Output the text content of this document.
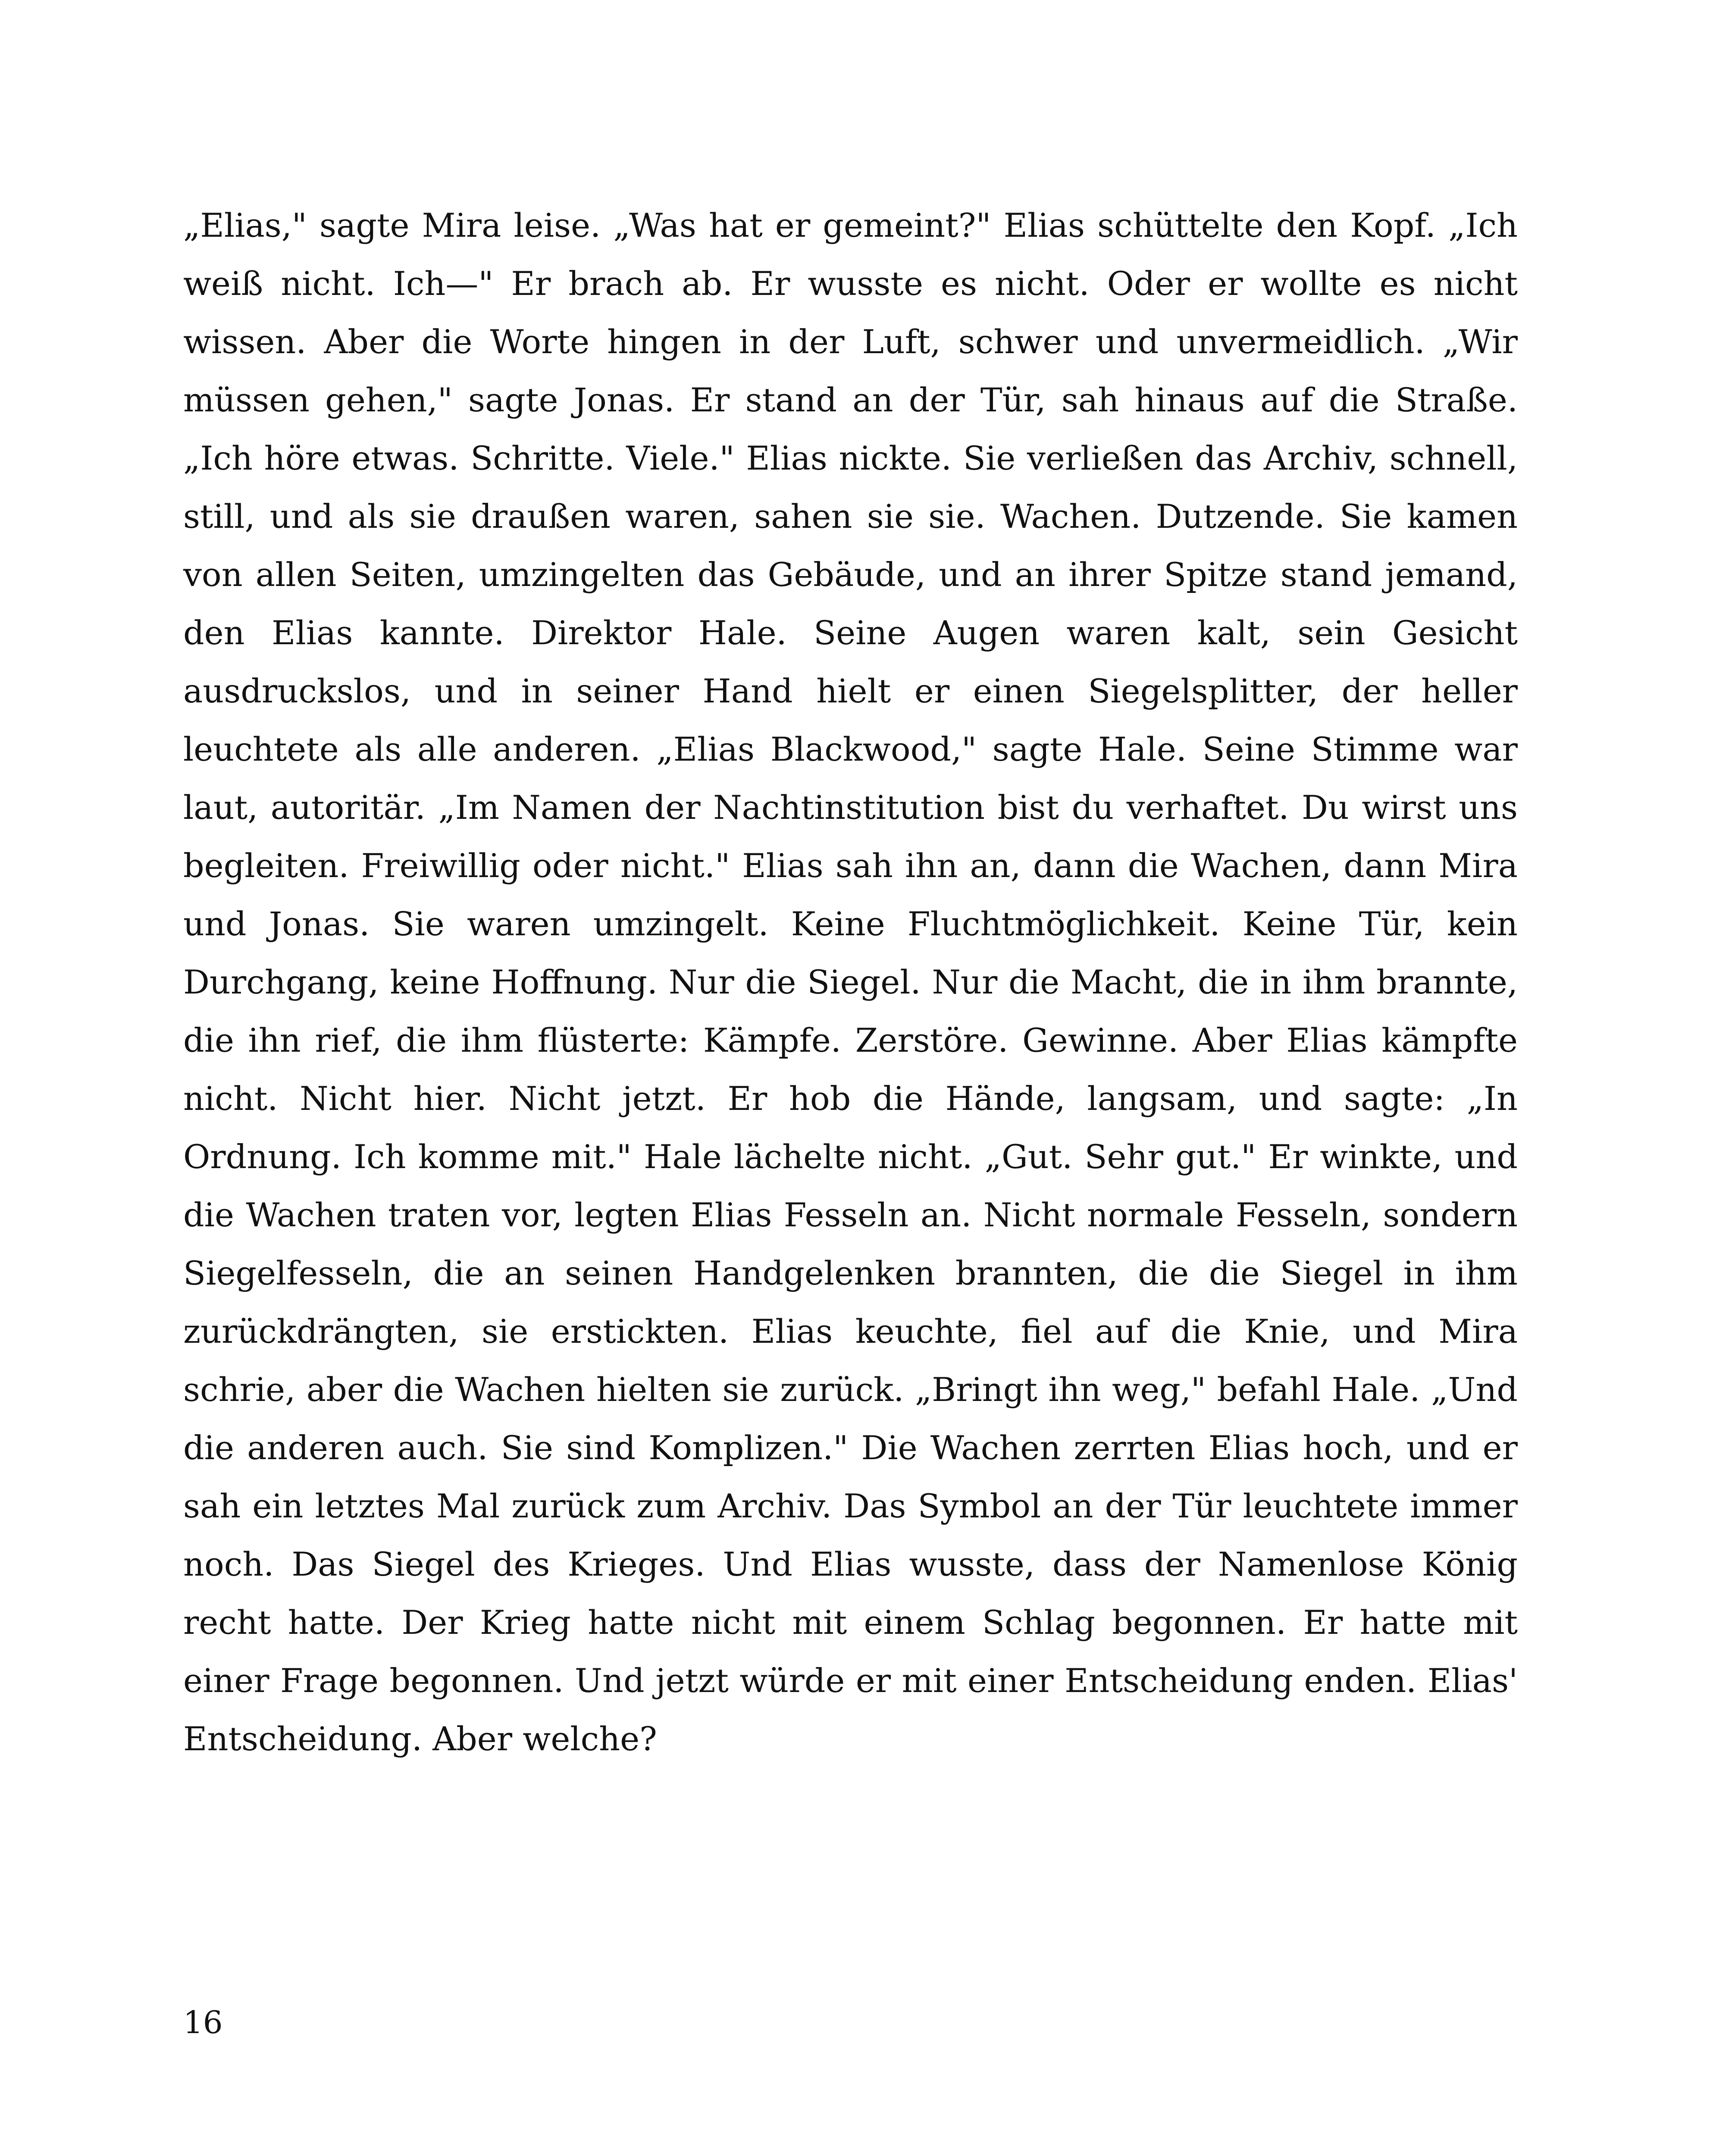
„Elias," sagte Mira leise. „Was hat er gemeint?" Elias schüttelte den Kopf. „Ich weiß nicht. Ich—" Er brach ab. Er wusste es nicht. Oder er wollte es nicht wissen. Aber die Worte hingen in der Luft, schwer und unvermeidlich. „Wir müssen gehen," sagte Jonas. Er stand an der Tür, sah hinaus auf die Straße. „Ich höre etwas. Schritte. Viele." Elias nickte. Sie verließen das Archiv, schnell, still, und als sie draußen waren, sahen sie sie. Wachen. Dutzende. Sie kamen von allen Seiten, umzingelten das Gebäude, und an ihrer Spitze stand jemand, den Elias kannte. Direktor Hale. Seine Augen waren kalt, sein Gesicht ausdruckslos, und in seiner Hand hielt er einen Siegelsplitter, der heller leuchtete als alle anderen. „Elias Blackwood," sagte Hale. Seine Stimme war laut, autoritär. „Im Namen der Nachtinstitution bist du verhaftet. Du wirst uns begleiten. Freiwillig oder nicht." Elias sah ihn an, dann die Wachen, dann Mira und Jonas. Sie waren umzingelt. Keine Fluchtmöglichkeit. Keine Tür, kein Durchgang, keine Hoffnung. Nur die Siegel. Nur die Macht, die in ihm brannte, die ihn rief, die ihm flüsterte: Kämpfe. Zerstöre. Gewinne. Aber Elias kämpfte nicht. Nicht hier. Nicht jetzt. Er hob die Hände, langsam, und sagte: „In Ordnung. Ich komme mit." Hale lächelte nicht. „Gut. Sehr gut." Er winkte, und die Wachen traten vor, legten Elias Fesseln an. Nicht normale Fesseln, sondern Siegelfesseln, die an seinen Handgelenken brannten, die die Siegel in ihm zurückdrängten, sie erstickten. Elias keuchte, fiel auf die Knie, und Mira schrie, aber die Wachen hielten sie zurück. „Bringt ihn weg," befahl Hale. „Und die anderen auch. Sie sind Komplizen." Die Wachen zerrten Elias hoch, und er sah ein letztes Mal zurück zum Archiv. Das Symbol an der Tür leuchtete immer noch. Das Siegel des Krieges. Und Elias wusste, dass der Namenlose König recht hatte. Der Krieg hatte nicht mit einem Schlag begonnen. Er hatte mit einer Frage begonnen. Und jetzt würde er mit einer Entscheidung enden. Elias' Entscheidung. Aber welche?

16
